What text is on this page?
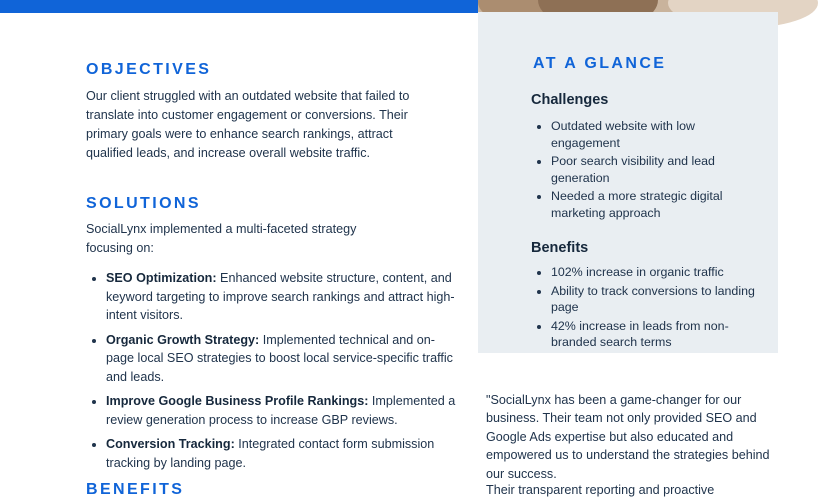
OBJECTIVES

Our client struggled with an outdated website that failed to translate into customer engagement or conversions. Their primary goals were to enhance search rankings, attract qualified leads, and increase overall website traffic.

SOLUTIONS

SocialLynx implemented a multi-faceted strategy focusing on:

• SEO Optimization: Enhanced website structure, content, and keyword targeting to improve search rankings and attract high-intent visitors.
• Organic Growth Strategy: Implemented technical and on-page local SEO strategies to boost local service-specific traffic and leads.
• Improve Google Business Profile Rankings: Implemented a review generation process to increase GBP reviews.
• Conversion Tracking: Integrated contact form submission tracking by landing page.
BENEFITS
AT A GLANCE
Challenges
• Outdated website with low engagement
• Poor search visibility and lead generation
• Needed a more strategic digital marketing approach
Benefits
• 102% increase in organic traffic
• Ability to track conversions to landing page
• 42% increase in leads from non-branded search terms

"SocialLynx has been a game-changer for our business. Their team not only provided SEO and Google Ads expertise but also educated and empowered us to understand the strategies behind our success.

Their transparent reporting and proactive
